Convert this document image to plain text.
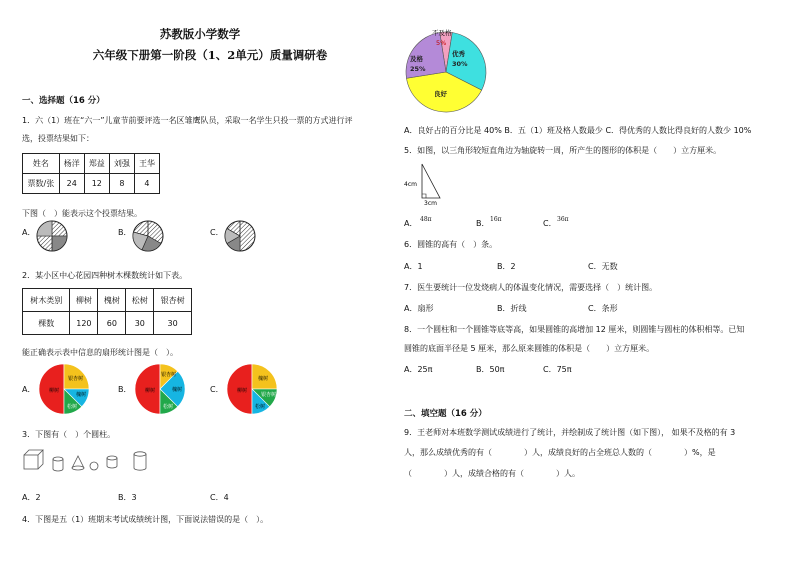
苏教版小学数学
六年级下册第一阶段（1、2单元）质量调研卷
一、选择题（16 分）
1．六（1）班在“六一”儿童节前要评选一名区雏鹰队员，采取一名学生只投一票的方式进行评
选，投票结果如下：
姓名	杨洋	郑益	刘强	王华
票数/张	24	12	8	4
下图（　）能表示这个投票结果。
A．	B．	C．
2．某小区中心花园四种树木棵数统计如下表。
树木类别	柳树	槐树	松树	银杏树
棵数	120	60	30	30
能正确表示表中信息的扇形统计图是（　）。
A．	B．	C．
柳树
银杏树
槐树
松树
柳树
银杏树
槐树
松树
柳树
槐树
银杏树
松树
3．下图有（　）个圆柱。
A．2	B．3	C．4
4．下图是五（1）班期末考试成绩统计图，下面说法错误的是（　）。
不及格
5%
优秀
30%
及格
25%
良好
A．良好占的百分比是 40% B．五（1）班及格人数最少 C．得优秀的人数比得良好的人数少 10%
5．如图，以三角形较短直角边为轴旋转一周，所产生的图形的体积是（　　）立方厘米。
4cm
3cm
A． 48π	B． 16π	C． 36π
6．圆锥的高有（　）条。
A．1	B．2	C．无数
7．医生要统计一位发烧病人的体温变化情况，需要选择（　）统计图。
A．扇形	B．折线	C．条形
8．一个圆柱和一个圆锥等底等高，如果圆锥的高增加 12 厘米，则圆锥与圆柱的体积相等。已知
圆锥的底面半径是 5 厘米，那么原来圆锥的体积是（　　）立方厘米。
A．25π	B．50π	C．75π
二、填空题（16 分）
9．王老师对本班数学测试成绩进行了统计，并绘制成了统计图（如下图）， 如果不及格的有 3
人，那么成绩优秀的有（　　　　）人，成绩良好的占全班总人数的（　　　　）%，是
（　　　　）人，成绩合格的有（　　　　）人。
